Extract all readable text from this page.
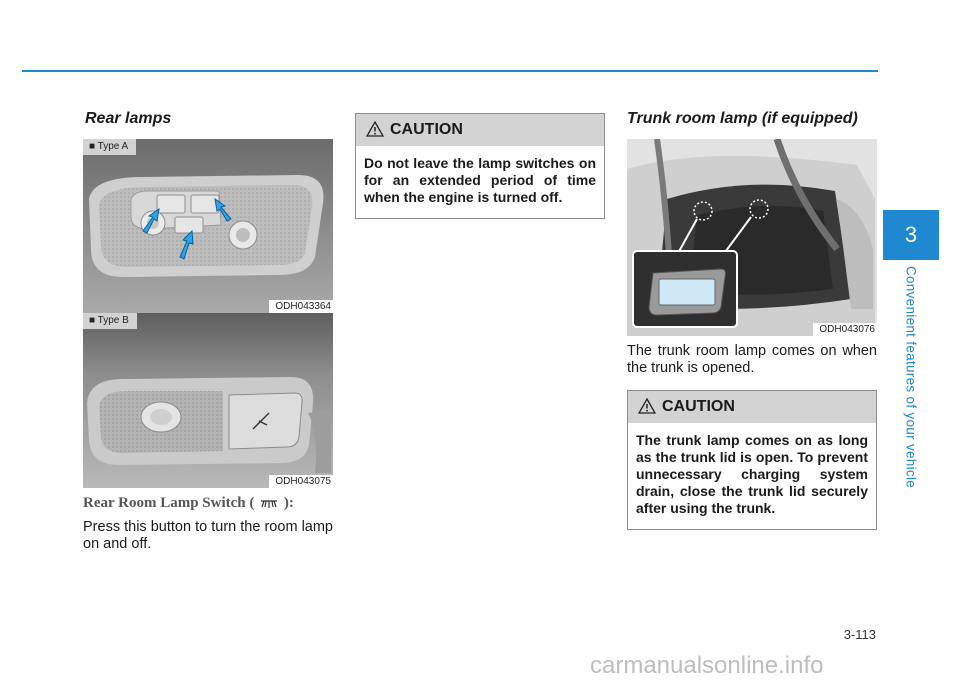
Rear lamps
■ Type A
ODH043364
■ Type B
ODH043075

Rear Room Lamp Switch ( ):

Press this button to turn the room lamp on and off.

CAUTION

Do not leave the lamp switches on for an extended period of time when the engine is turned off.

Trunk room lamp (if equipped)
ODH043076

The trunk room lamp comes on when the trunk is opened.

CAUTION

The trunk lamp comes on as long as the trunk lid is open. To prevent unnecessary charging system drain, close the trunk lid securely after using the trunk.

3-113
3
Convenient features of your vehicle
carmanualsonline.info
